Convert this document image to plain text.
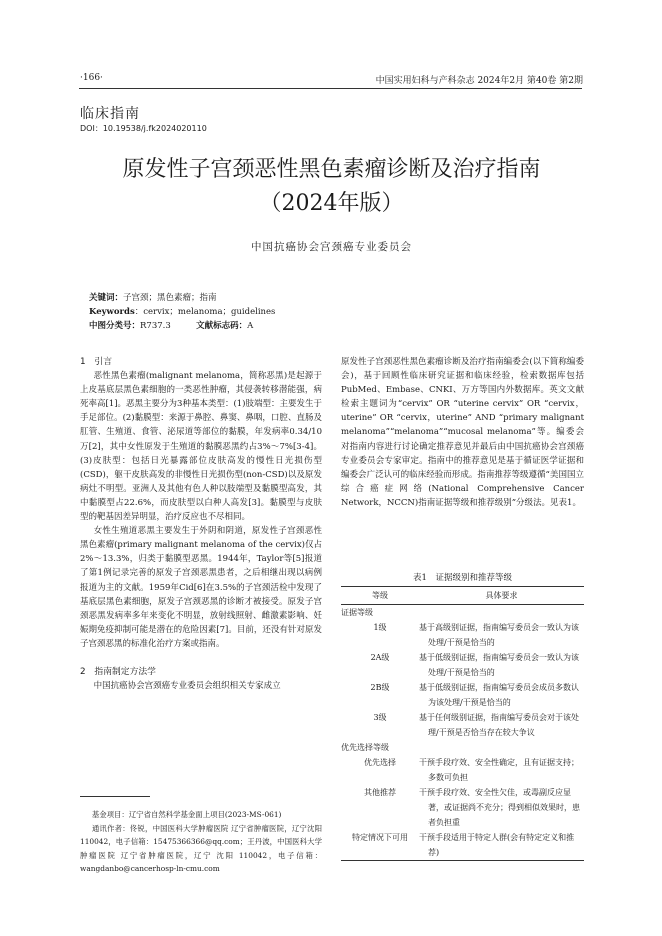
·166·	中国实用妇科与产科杂志 2024年2月 第40卷 第2期
临床指南
DOI：10.19538/j.fk2024020110
原发性子宫颈恶性黑色素瘤诊断及治疗指南
（2024年版）
中国抗癌协会宫颈癌专业委员会
关键词：子宫颈；黑色素瘤；指南
Keywords：cervix；melanoma；guidelines
中图分类号：R737.3	文献标志码：A

1　引言

恶性黑色素瘤(malignant melanoma，简称恶黑)是起源于上皮基底层黑色素细胞的一类恶性肿瘤，其侵袭转移潜能强，病死率高[1]。恶黑主要分为3种基本类型：(1)肢端型：主要发生于手足部位。(2)黏膜型：来源于鼻腔、鼻窦、鼻咽，口腔、直肠及肛管、生殖道、食管、泌尿道等部位的黏膜，年发病率0.34/10万[2]，其中女性原发于生殖道的黏膜恶黑约占3%～7%[3-4]。(3)皮肤型：包括日光暴露部位皮肤高发的慢性日光损伤型(CSD)，躯干皮肤高发的非慢性日光损伤型(non-CSD)以及原发病灶不明型。亚洲人及其他有色人种以肢端型及黏膜型高发，其中黏膜型占22.6%，而皮肤型以白种人高发[3]。黏膜型与皮肤型的靶基因差异明显，治疗反应也不尽相同。

女性生殖道恶黑主要发生于外阴和阴道，原发性子宫颈恶性黑色素瘤(primary malignant melanoma of the cervix)仅占2%～13.3%，归类于黏膜型恶黑。1944年，Taylor等[5]报道了第1例记录完善的原发子宫颈恶黑患者，之后相继出现以病例报道为主的文献。1959年Cid[6]在3.5%的子宫颈活检中发现了基底层黑色素细胞，原发子宫颈恶黑的诊断才被接受。原发子宫颈恶黑发病率多年来变化不明显，放射线照射、雌激素影响、妊娠期免疫抑制可能是潜在的危险因素[7]。目前，还没有针对原发子宫颈恶黑的标准化治疗方案或指南。

2　指南制定方法学

中国抗癌协会宫颈癌专业委员会组织相关专家成立

基金项目：辽宁省自然科学基金面上项目(2023-MS-061)

通讯作者：佟锐，中国医科大学肿瘤医院 辽宁省肿瘤医院，辽宁沈阳 110042，电子信箱：15475366366@qq.com；王丹波，中国医科大学肿瘤医院 辽宁省肿瘤医院，辽宁 沈阳 110042，电子信箱：wangdanbo@cancerhosp-ln-cmu.com

原发性子宫颈恶性黑色素瘤诊断及治疗指南编委会(以下简称编委会)，基于回顾性临床研究证据和临床经验，检索数据库包括PubMed、Embase、CNKI、万方等国内外数据库。英文文献检索主题词为“cervix” OR “uterine cervix” OR “cervix，uterine” OR “cervix，uterine” AND “primary malignant melanoma”“melanoma”“mucosal melanoma”等。编委会对指南内容进行讨论确定推荐意见并最后由中国抗癌协会宫颈癌专业委员会专家审定。指南中的推荐意见是基于循证医学证据和编委会广泛认可的临床经验而形成。指南推荐等级遵循“美国国立综合癌症网络(National Comprehensive Cancer Network，NCCN)指南证据等级和推荐级别”分级法。见表1。

表1　证据级别和推荐等级
等级	具体要求
证据等级	
1级	基于高级别证据，指南编写委员会一致认为该处理/干预是恰当的
2A级	基于低级别证据，指南编写委员会一致认为该处理/干预是恰当的
2B级	基于低级别证据，指南编写委员会成员多数认为该处理/干预是恰当的
3级	基于任何级别证据，指南编写委员会对于该处理/干预是否恰当存在较大争议
优先选择等级	
优先选择	干预手段疗效、安全性确定，且有证据支持；多数可负担
其他推荐	干预手段疗效、安全性欠佳，或毒副反应显著，或证据尚不充分；得到相似效果时，患者负担重
特定情况下可用	干预手段适用于特定人群(会有特定定义和推荐)
